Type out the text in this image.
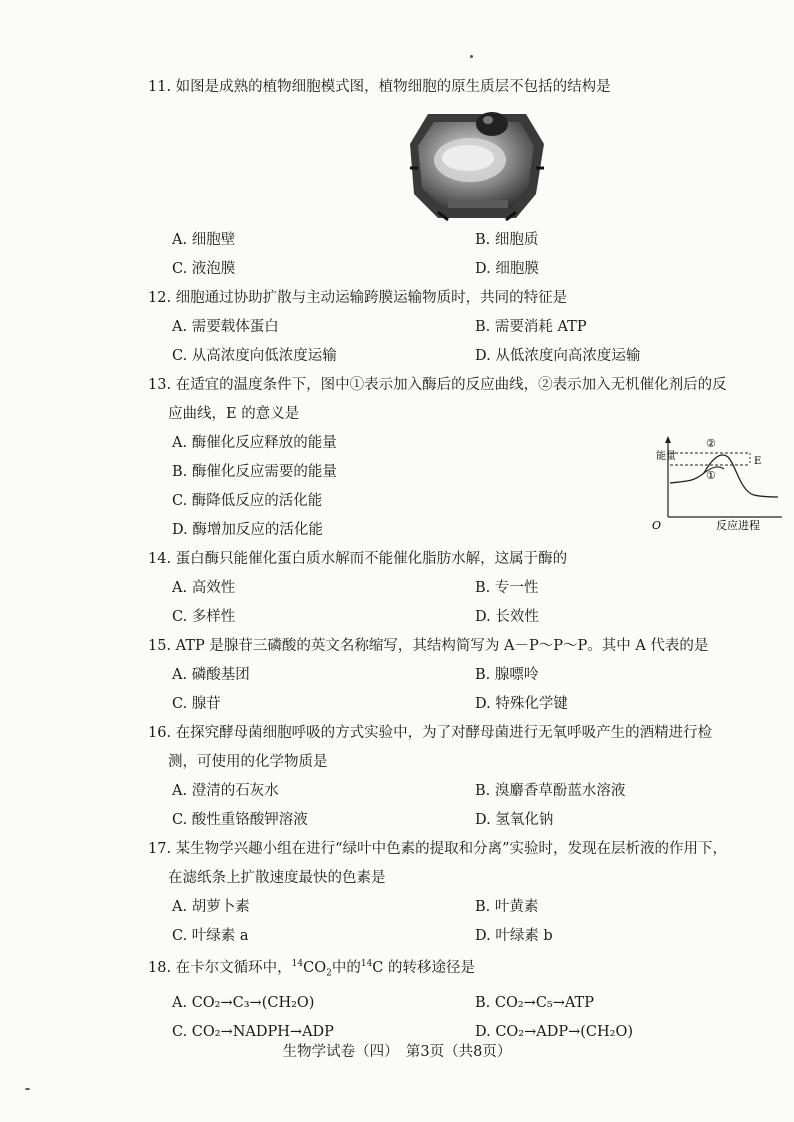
11. 如图是成熟的植物细胞模式图，植物细胞的原生质层不包括的结构是

A. 细胞壁	B. 细胞质
C. 液泡膜	D. 细胞膜

12. 细胞通过协助扩散与主动运输跨膜运输物质时，共同的特征是

A. 需要载体蛋白	B. 需要消耗 ATP
C. 从高浓度向低浓度运输	D. 从低浓度向高浓度运输

13. 在适宜的温度条件下，图中①表示加入酶后的反应曲线，②表示加入无机催化剂后的反

应曲线，E 的意义是

A. 酶催化反应释放的能量
B. 酶催化反应需要的能量
C. 酶降低反应的活化能
D. 酶增加反应的活化能
能量
O	反应进程
②
①
E

14. 蛋白酶只能催化蛋白质水解而不能催化脂肪水解，这属于酶的

A. 高效性	B. 专一性
C. 多样性	D. 长效性

15. ATP 是腺苷三磷酸的英文名称缩写，其结构简写为 A－P～P～P。其中 A 代表的是

A. 磷酸基团	B. 腺嘌呤
C. 腺苷	D. 特殊化学键

16. 在探究酵母菌细胞呼吸的方式实验中，为了对酵母菌进行无氧呼吸产生的酒精进行检

测，可使用的化学物质是

A. 澄清的石灰水	B. 溴麝香草酚蓝水溶液
C. 酸性重铬酸钾溶液	D. 氢氧化钠

17. 某生物学兴趣小组在进行“绿叶中色素的提取和分离”实验时，发现在层析液的作用下，

在滤纸条上扩散速度最快的色素是

A. 胡萝卜素	B. 叶黄素
C. 叶绿素 a	D. 叶绿素 b

18. 在卡尔文循环中，$^{14}CO_2$中的$^{14}$C 的转移途径是

A. CO₂→C₃→(CH₂O)	B. CO₂→C₅→ATP
C. CO₂→NADPH→ADP	D. CO₂→ADP→(CH₂O)
生物学试卷（四）　第3页（共8页）
